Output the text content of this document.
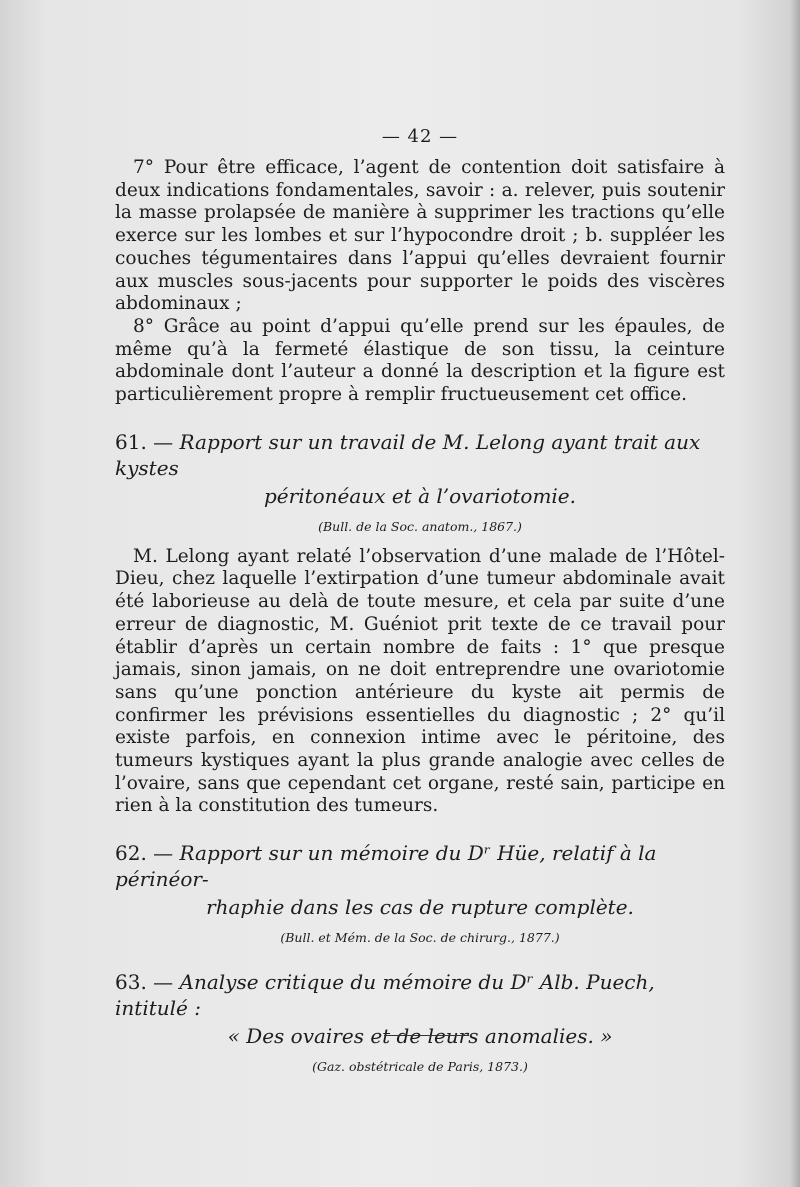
— 42 —

7° Pour être efficace, l’agent de contention doit satisfaire à deux indications fondamentales, savoir : a. relever, puis soutenir la masse prolapsée de manière à supprimer les tractions qu’elle exerce sur les lombes et sur l’hypocondre droit ; b. suppléer les couches tégumentaires dans l’appui qu’elles devraient fournir aux muscles sous-jacents pour supporter le poids des viscères abdominaux ;

8° Grâce au point d’appui qu’elle prend sur les épaules, de même qu’à la fermeté élastique de son tissu, la ceinture abdominale dont l’auteur a donné la description et la figure est particulièrement propre à remplir fructueusement cet office.

61. — Rapport sur un travail de M. Lelong ayant trait aux kystes
péritonéaux et à l’ovariotomie.

(Bull. de la Soc. anatom., 1867.)

M. Lelong ayant relaté l’observation d’une malade de l’Hôtel-Dieu, chez laquelle l’extirpation d’une tumeur abdominale avait été laborieuse au delà de toute mesure, et cela par suite d’une erreur de diagnostic, M. Guéniot prit texte de ce travail pour établir d’après un certain nombre de faits : 1° que presque jamais, sinon jamais, on ne doit entreprendre une ovariotomie sans qu’une ponction antérieure du kyste ait permis de confirmer les prévisions essentielles du diagnostic ; 2° qu’il existe parfois, en connexion intime avec le péritoine, des tumeurs kystiques ayant la plus grande analogie avec celles de l’ovaire, sans que cependant cet organe, resté sain, participe en rien à la constitution des tumeurs.

62. — Rapport sur un mémoire du Dʳ Hüe, relatif à la périnéor-
rhaphie dans les cas de rupture complète.

(Bull. et Mém. de la Soc. de chirurg., 1877.)

63. — Analyse critique du mémoire du Dʳ Alb. Puech, intitulé :
« Des ovaires et de leurs anomalies. »

(Gaz. obstétricale de Paris, 1873.)
